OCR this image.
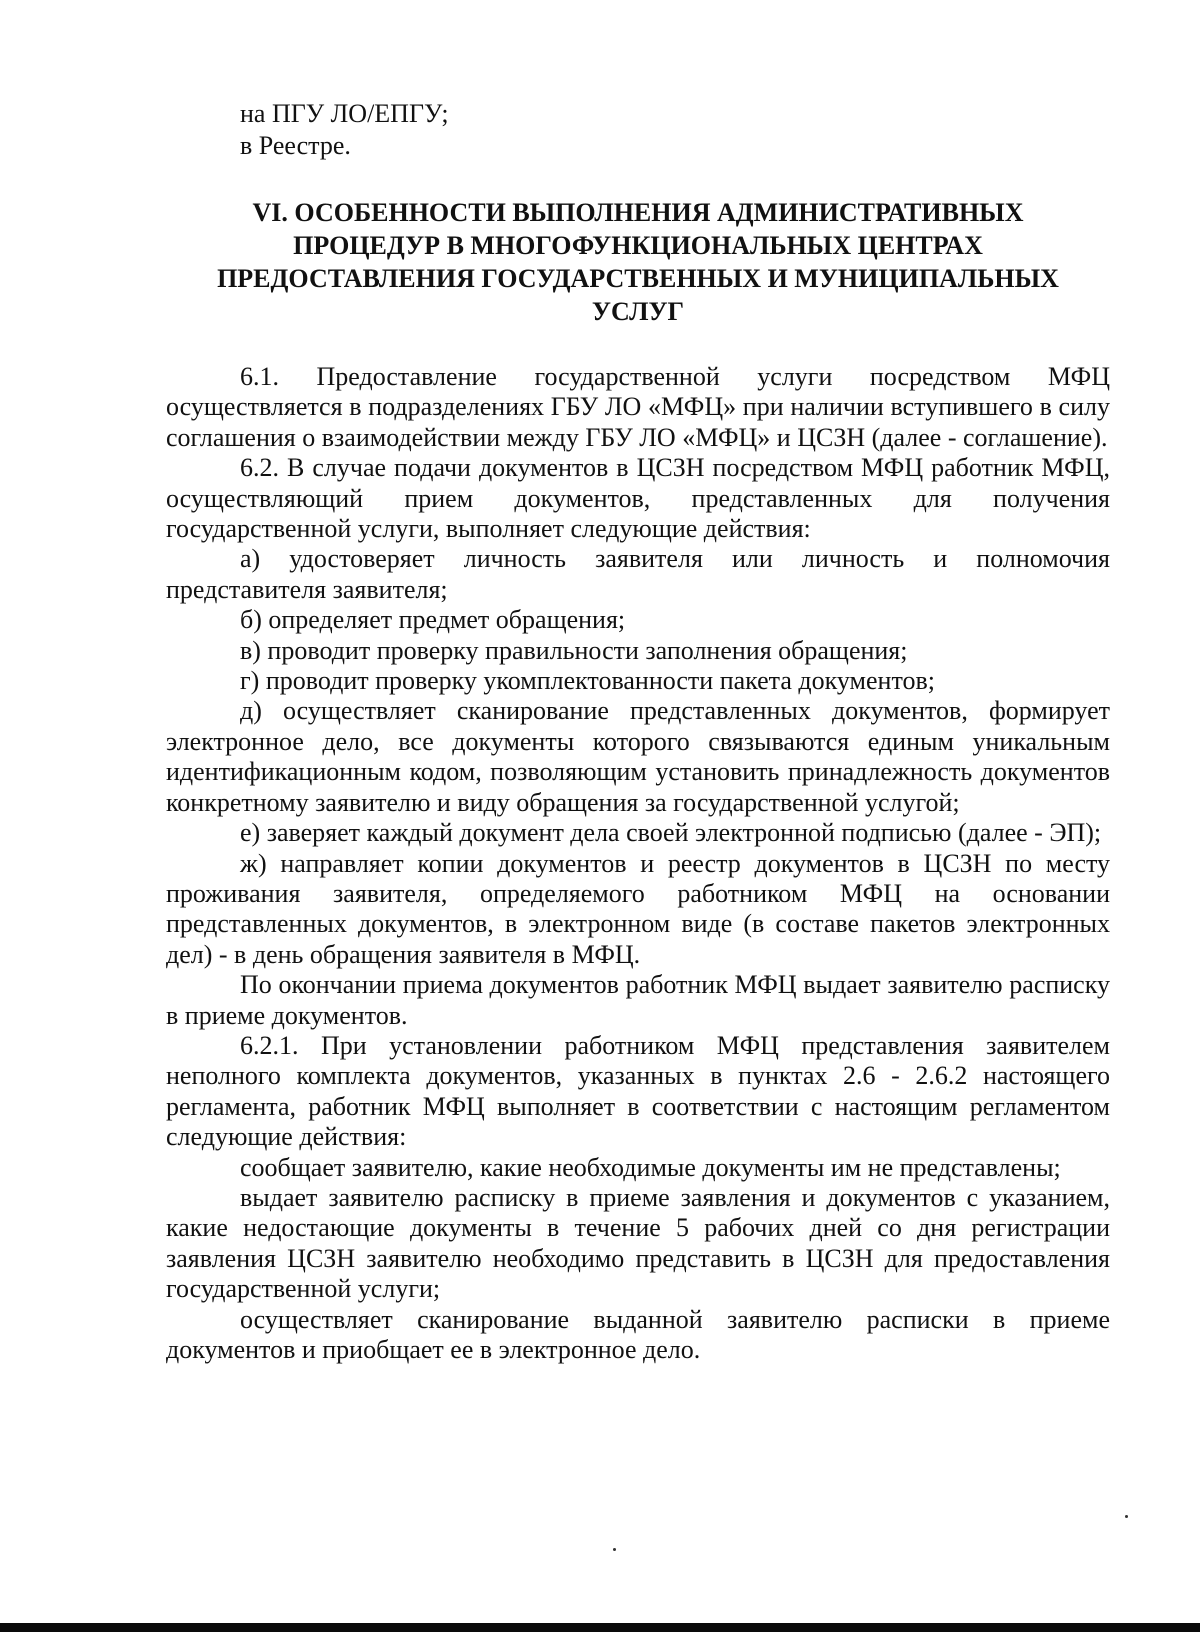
на ПГУ ЛО/ЕПГУ;
в Реестре.
VI. ОСОБЕННОСТИ ВЫПОЛНЕНИЯ АДМИНИСТРАТИВНЫХ
ПРОЦЕДУР В МНОГОФУНКЦИОНАЛЬНЫХ ЦЕНТРАХ
ПРЕДОСТАВЛЕНИЯ ГОСУДАРСТВЕННЫХ И МУНИЦИПАЛЬНЫХ
УСЛУГ

6.1. Предоставление государственной услуги посредством МФЦ осуществляется в подразделениях ГБУ ЛО «МФЦ» при наличии вступившего в силу соглашения о взаимодействии между ГБУ ЛО «МФЦ» и ЦСЗН (далее - соглашение).

6.2. В случае подачи документов в ЦСЗН посредством МФЦ работник МФЦ, осуществляющий прием документов, представленных для получения государственной услуги, выполняет следующие действия:

а) удостоверяет личность заявителя или личность и полномочия представителя заявителя;

б) определяет предмет обращения;

в) проводит проверку правильности заполнения обращения;

г) проводит проверку укомплектованности пакета документов;

д) осуществляет сканирование представленных документов, формирует электронное дело, все документы которого связываются единым уникальным идентификационным кодом, позволяющим установить принадлежность документов конкретному заявителю и виду обращения за государственной услугой;

е) заверяет каждый документ дела своей электронной подписью (далее - ЭП);

ж) направляет копии документов и реестр документов в ЦСЗН по месту проживания заявителя, определяемого работником МФЦ на основании представленных документов, в электронном виде (в составе пакетов электронных дел) - в день обращения заявителя в МФЦ.

По окончании приема документов работник МФЦ выдает заявителю расписку в приеме документов.

6.2.1. При установлении работником МФЦ представления заявителем неполного комплекта документов, указанных в пунктах 2.6 - 2.6.2 настоящего регламента, работник МФЦ выполняет в соответствии с настоящим регламентом следующие действия:

сообщает заявителю, какие необходимые документы им не представлены;

выдает заявителю расписку в приеме заявления и документов с указанием, какие недостающие документы в течение 5 рабочих дней со дня регистрации заявления ЦСЗН заявителю необходимо представить в ЦСЗН для предоставления государственной услуги;

осуществляет сканирование выданной заявителю расписки в приеме документов и приобщает ее в электронное дело.
